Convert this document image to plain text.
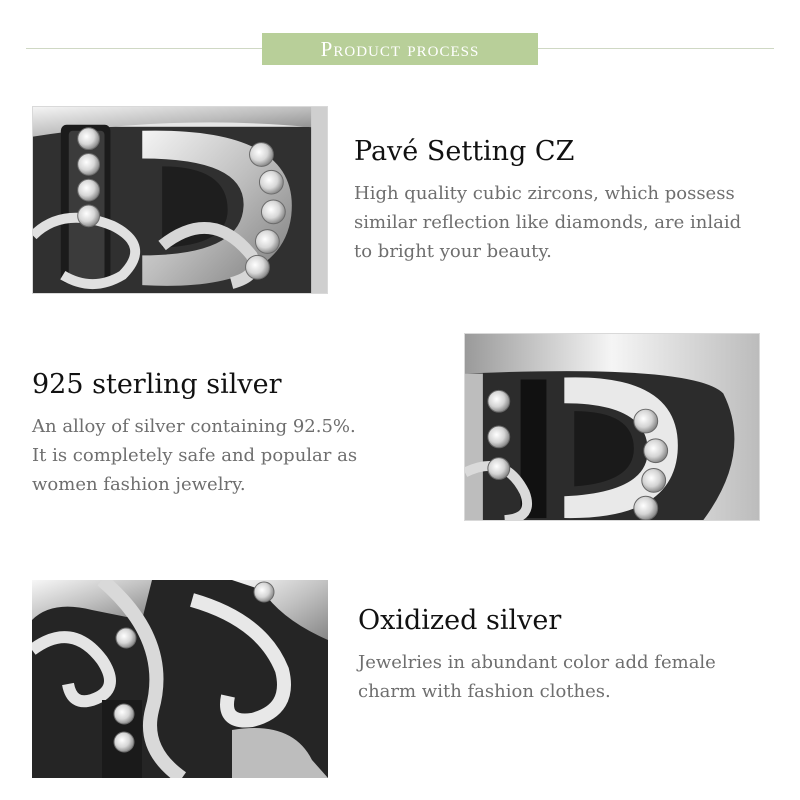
Product process
Pavé Setting CZ

High quality cubic zircons, which possess
similar reflection like diamonds, are inlaid
to bright your beauty.

925 sterling silver

An alloy of silver containing 92.5%.
It is completely safe and popular as
women fashion jewelry.

Oxidized silver

Jewelries in abundant color add female
charm with fashion clothes.
